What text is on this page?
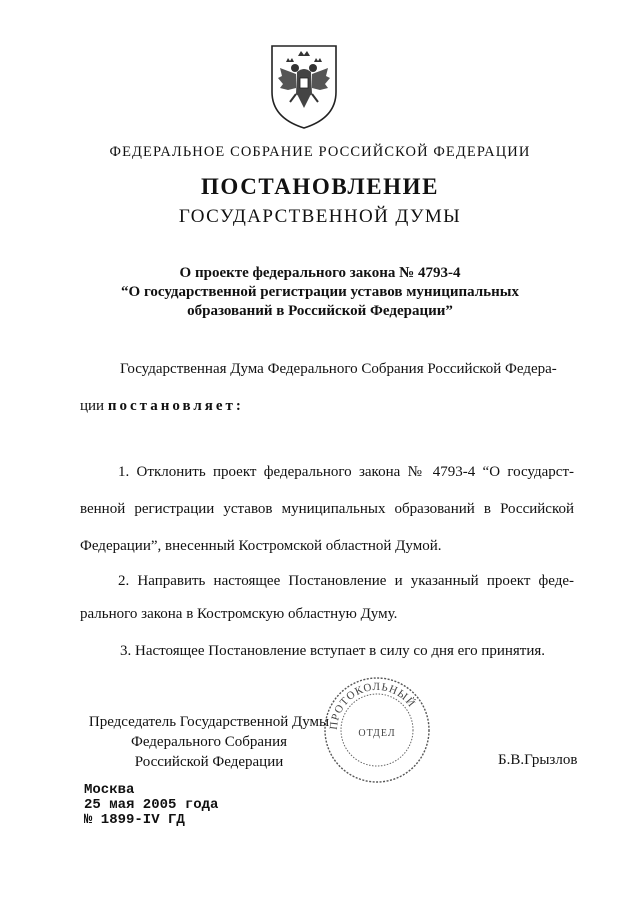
ФЕДЕРАЛЬНОЕ СОБРАНИЕ РОССИЙСКОЙ ФЕДЕРАЦИИ
ПОСТАНОВЛЕНИЕ
ГОСУДАРСТВЕННОЙ ДУМЫ
О проекте федерального закона № 4793-4
“О государственной регистрации уставов муниципальных
образований в Российской Федерации”
Государственная Дума Федерального Собрания Российской Федера-
ции постановляет:
1. Отклонить проект федерального закона № 4793-4 “О государст-
венной регистрации уставов муниципальных образований в Российской
Федерации”, внесенный Костромской областной Думой.
2. Направить настоящее Постановление и указанный проект феде-
рального закона в Костромскую областную Думу.
3. Настоящее Постановление вступает в силу со дня его принятия.
ПРОТОКОЛЬНЫЙ
ОТДЕЛ
Председатель Государственной Думы
Федерального Собрания
Российской Федерации	Б.В.Грызлов
Москва
25 мая 2005 года
№ 1899-IV ГД
